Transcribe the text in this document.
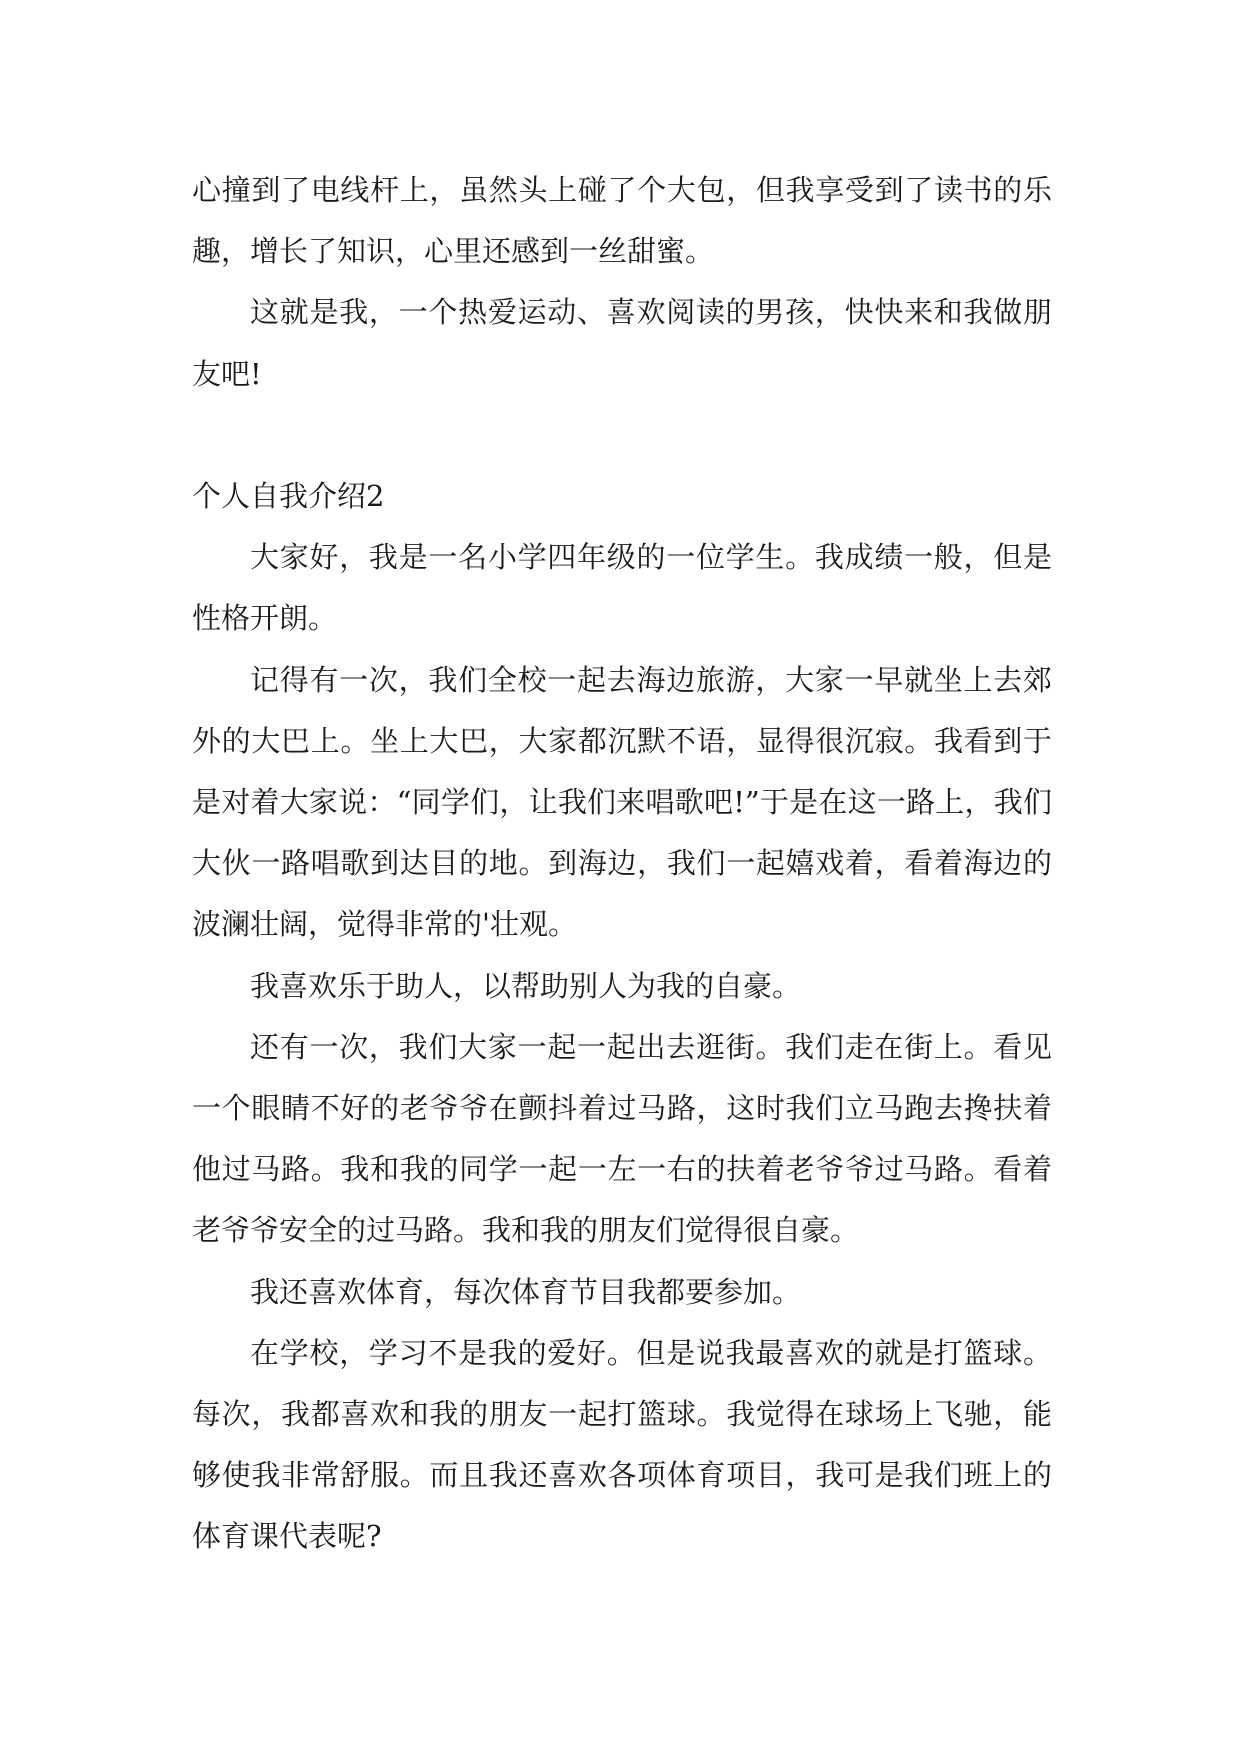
心撞到了电线杆上，虽然头上碰了个大包，但我享受到了读书的乐趣，增长了知识，心里还感到一丝甜蜜。

这就是我，一个热爱运动、喜欢阅读的男孩，快快来和我做朋友吧!

个人自我介绍2

大家好，我是一名小学四年级的一位学生。我成绩一般，但是性格开朗。

记得有一次，我们全校一起去海边旅游，大家一早就坐上去郊外的大巴上。坐上大巴，大家都沉默不语，显得很沉寂。我看到于是对着大家说：“同学们，让我们来唱歌吧!”于是在这一路上，我们大伙一路唱歌到达目的地。到海边，我们一起嬉戏着，看着海边的波澜壮阔，觉得非常的'壮观。

我喜欢乐于助人，以帮助别人为我的自豪。

还有一次，我们大家一起一起出去逛街。我们走在街上。看见一个眼睛不好的老爷爷在颤抖着过马路，这时我们立马跑去搀扶着他过马路。我和我的同学一起一左一右的扶着老爷爷过马路。看着老爷爷安全的过马路。我和我的朋友们觉得很自豪。

我还喜欢体育，每次体育节目我都要参加。

在学校，学习不是我的爱好。但是说我最喜欢的就是打篮球。每次，我都喜欢和我的朋友一起打篮球。我觉得在球场上飞驰，能够使我非常舒服。而且我还喜欢各项体育项目，我可是我们班上的体育课代表呢?
